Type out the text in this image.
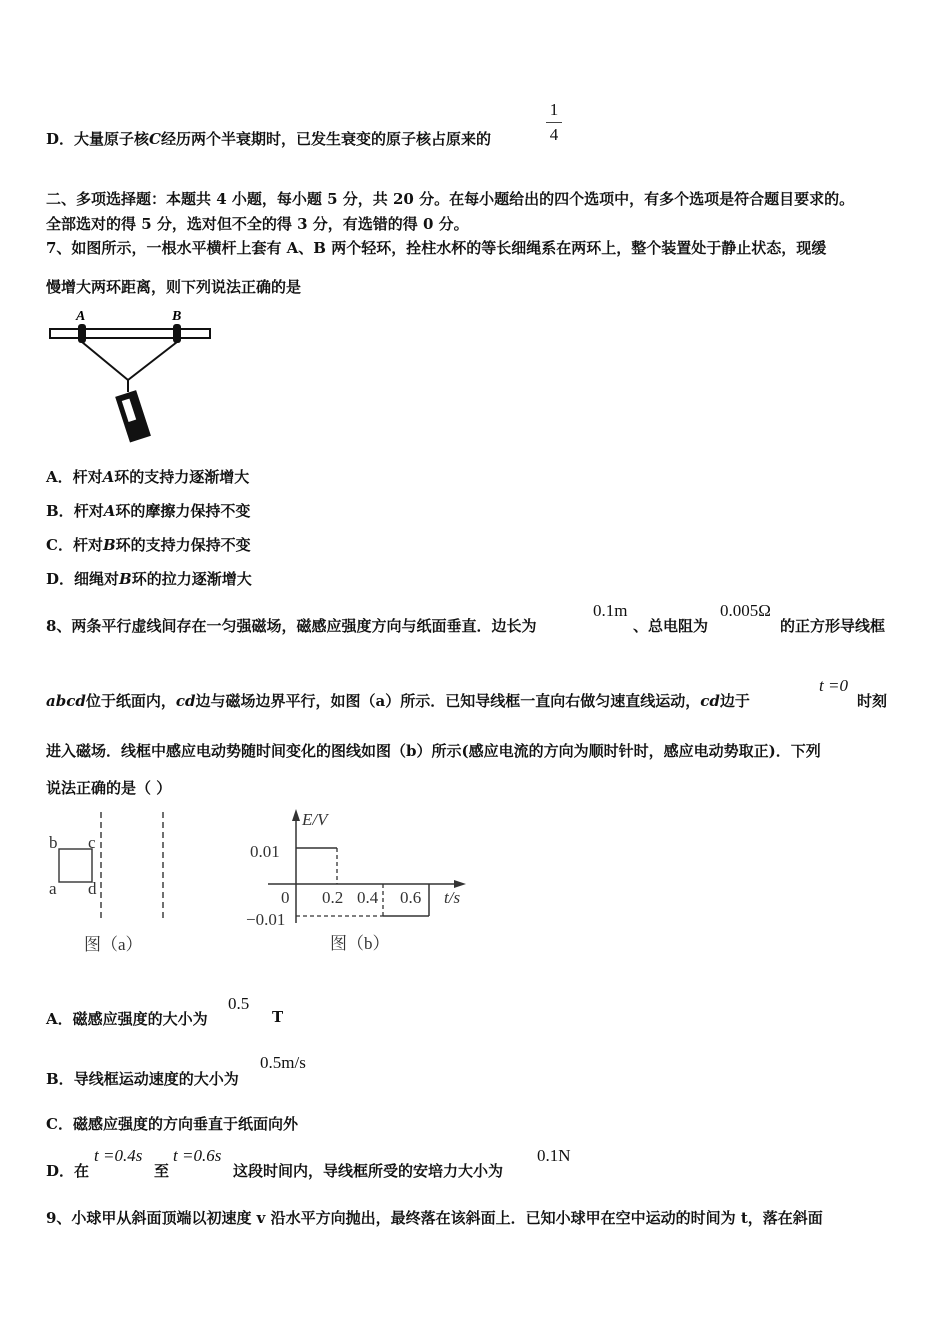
D．大量原子核C经历两个半衰期时，已发生衰变的原子核占原来的
1
4
二、多项选择题：本题共 4 小题，每小题 5 分，共 20 分。在每小题给出的四个选项中，有多个选项是符合题目要求的。
全部选对的得 5 分，选对但不全的得 3 分，有选错的得 0 分。
7、如图所示，一根水平横杆上套有 A、B 两个轻环，拴柱水杯的等长细绳系在两环上，整个装置处于静止状态，现缓
慢增大两环距离，则下列说法正确的是
A	B
A．杆对A环的支持力逐渐增大
B．杆对A环的摩擦力保持不变
C．杆对B环的支持力保持不变
D．细绳对B环的拉力逐渐增大
8、两条平行虚线间存在一匀强磁场，磁感应强度方向与纸面垂直．边长为
0.1m
、总电阻为
0.005Ω
的正方形导线框
abcd位于纸面内，cd边与磁场边界平行，如图（a）所示．已知导线框一直向右做匀速直线运动，cd边于
t =0
时刻
进入磁场．线框中感应电动势随时间变化的图线如图（b）所示(感应电流的方向为顺时针时，感应电动势取正)．下列
说法正确的是（ ）
b c
a d
图（a）
E/V
0.01
−0.01
0 0.2 0.4 0.6 t/s
图（b）
A．磁感应强度的大小为
0.5
T
B．导线框运动速度的大小为
0.5m/s
C．磁感应强度的方向垂直于纸面向外
D．在
t =0.4s
至
t =0.6s
这段时间内，导线框所受的安培力大小为
0.1N
9、小球甲从斜面顶端以初速度 v 沿水平方向抛出，最终落在该斜面上．已知小球甲在空中运动的时间为 t，落在斜面
